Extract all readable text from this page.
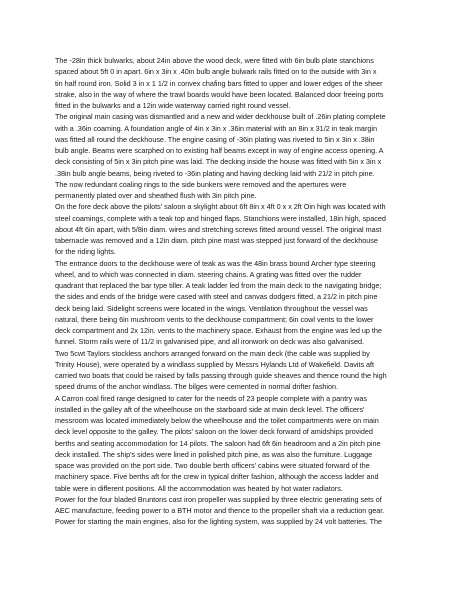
The -28in thick bulwarks, about 24in above the wood deck, were fitted with 6in bulb plate stanchions
spaced about 5ft 0 in apart. 6in x 3in x .40in bulb angle bulwark rails fitted on to the outside with 3in x
tin half round iron. Solid 3 in x 1 1/2 in convex chafing bars fitted to upper and lower edges of the sheer
strake, also in the way of where the trawl boards would have been located. Balanced door freeing ports
fitted in the bulwarks and a 12in wide waterway carried right round vessel.
The original main casing was dismantled and a new and wider deckhouse built of .26in plating complete
with a .36in coaming. A foundation angle of 4in x 3in x .36in material with an 8in x 31/2 in teak margin
was fitted all round the deckhouse. The engine casing of -36in plating was riveted to 5in x 3in x .38in
bulb angle. Beams were scarphed on to existing half beams except in way of engine access opening. A
deck consisting of 5in x 3in pitch pine was laid. The decking inside the house was fitted with 5in x 3in x
.38in bulb angle beams, being riveted to -36in plating and having decking laid with 21/2 in pitch pine.
The now redundant coaling rings to the side bunkers were removed and the apertures were
permanently plated over and sheathed flush with 3in pitch pine.
On the fore deck above the pilots' saloon a skylight about 6ft 8in x 4ft 0 x x 2ft Oin high was located with
steel coamings, complete with a teak top and hinged flaps. Stanchions were installed, 18in high, spaced
about 4ft 6in apart, with 5/8in diam. wires and stretching screws fitted around vessel. The original mast
tabernacle was removed and a 12in diam. pitch pine mast was stepped just forward of the deckhouse
for the riding lights.
The entrance doors to the deckhouse were of teak as was the 48in brass bound Archer type steering
wheel, and to which was connected in diam. steering chains. A grating was fitted over the rudder
quadrant that replaced the bar type tiller. A teak ladder led from the main deck to the navigating bridge;
the sides and ends of the bridge were cased with steel and canvas dodgers fitted, a 21/2 in pitch pine
deck being laid. Sidelight screens were located in the wings. Ventilation throughout the vessel was
natural, there being 6in mushroom vents to the deckhouse compartment; 6in cowl vents to the lower
deck compartment and 2x 12in. vents to the machinery space. Exhaust from the engine was led up the
funnel. Storm rails were of 11/2 in galvanised pipe, and all ironwork on deck was also galvanised.
Two 5cwt Taylors stockless anchors arranged forward on the main deck (the cable was supplied by
Trinity House), were operated by a windlass supplied by Messrs Hylands Ltd of Wakefield. Davits aft
carried two boats that could be raised by falls passing through guide sheaves and thence round the high
speed drums of the anchor windlass. The bilges were cemented in normal drifter fashion.
A Carron coal fired range designed to cater for the needs of 23 people complete with a pantry was
installed in the galley aft of the wheelhouse on the starboard side at main deck level. The officers'
messroom was located immediately below the wheelhouse and the toilet compartments were on main
deck level opposite to the galley. The pilots' saloon on the lower deck forward of amidships provided
berths and seating accommodation for 14 pilots. The saloon had 6ft 6in headroom and a 2in pitch pine
deck installed. The ship's sides were lined in polished pitch pine, as was also the furniture. Luggage
space was provided on the port side. Two double berth officers' cabins were situated forward of the
machinery space. Five berths aft for the crew in typical drifter fashion, although the access ladder and
table were in different positions. All the accommodation was heated by hot water radiators.
Power for the four bladed Bruntons cast iron propeller was supplied by three electric generating sets of
AEC manufacture, feeding power to a BTH motor and thence to the propeller shaft via a reduction gear.
Power for starting the main engines, also for the lighting system, was supplied by 24 volt batteries. The
